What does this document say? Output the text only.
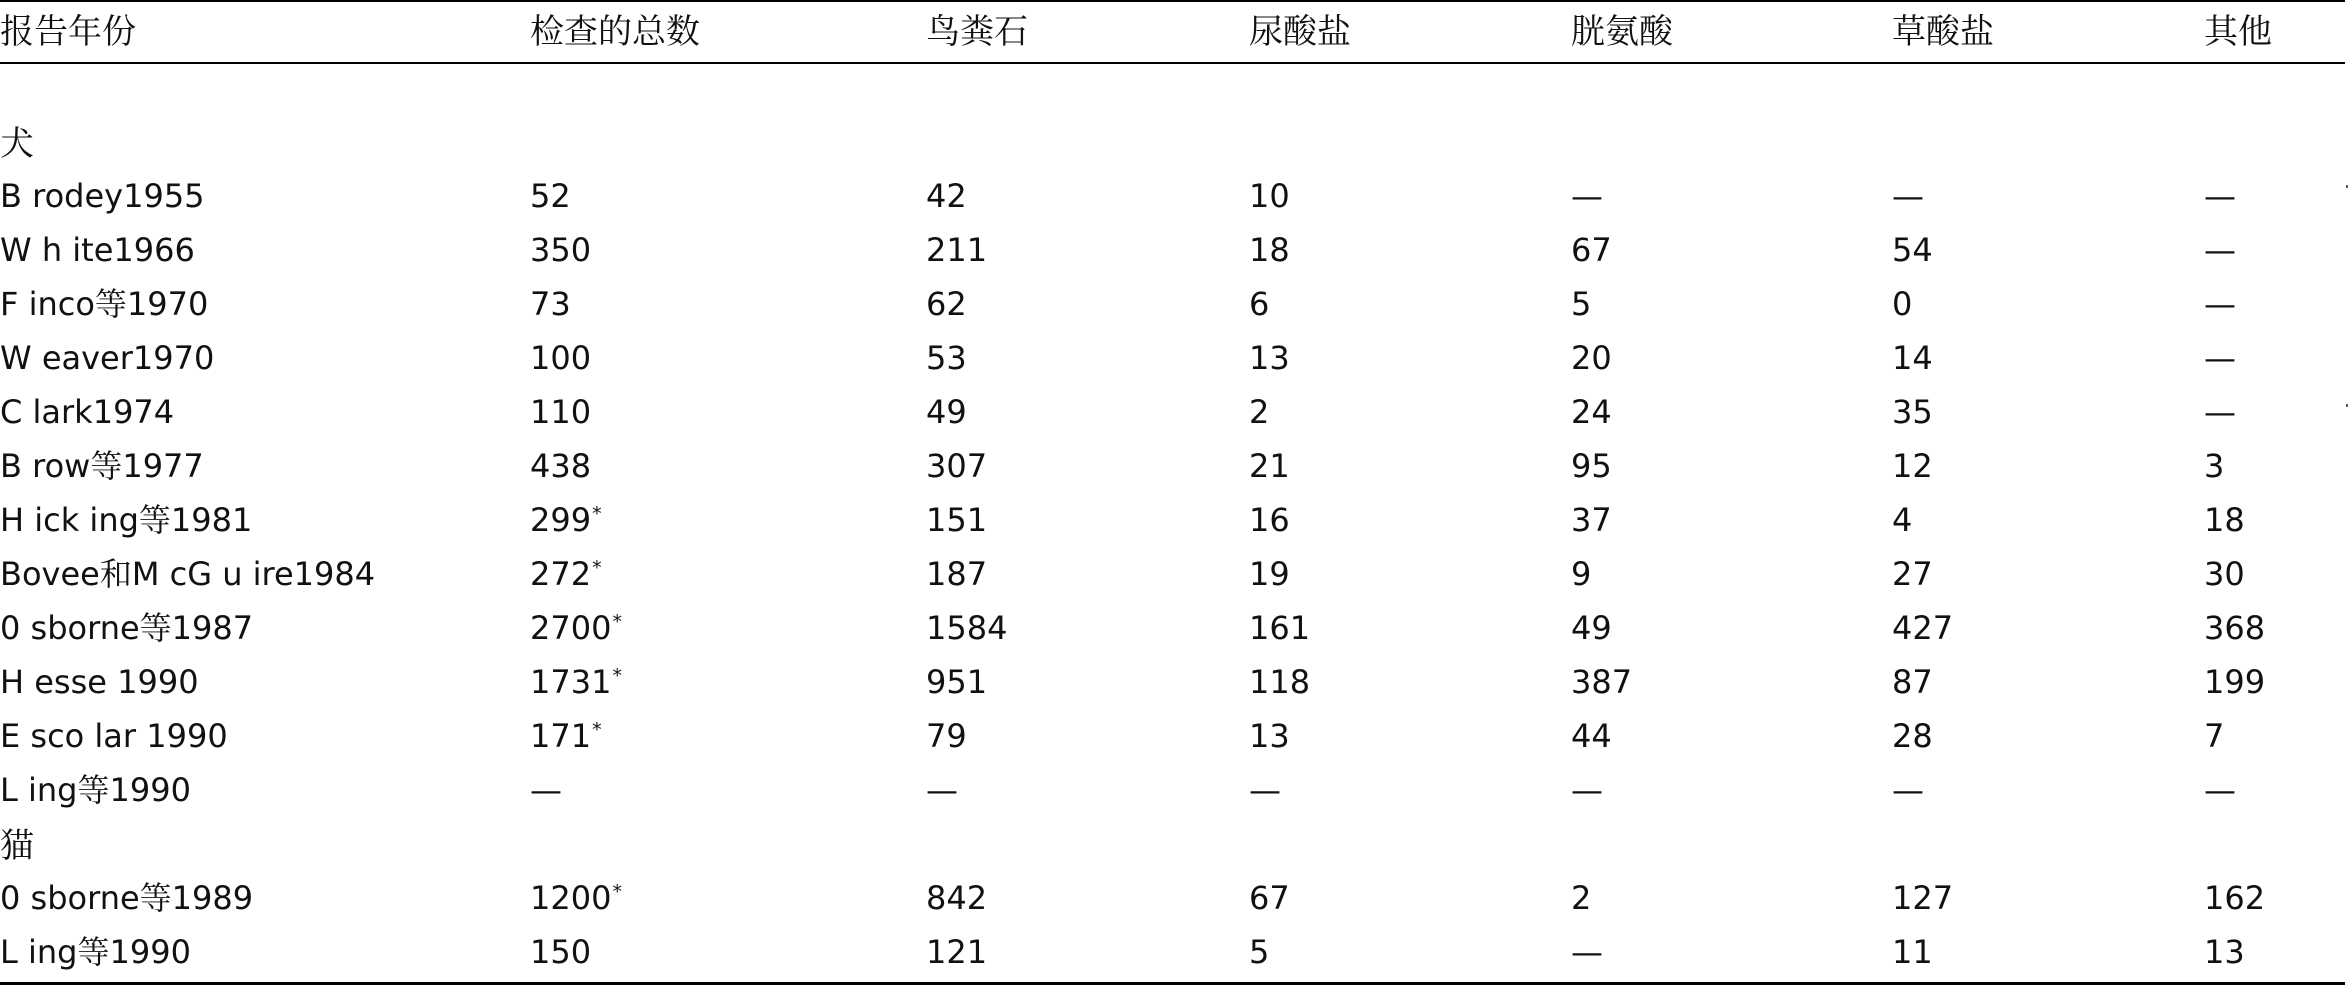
报告年份	检查的总数	鸟粪石	尿酸盐	胱氨酸	草酸盐	其他
犬
B rodey1955	52	42	10	—	—	—
W h ite1966	350	211	18	67	54	—
F inco等1970	73	62	6	5	0	—
W eaver1970	100	53	13	20	14	—
C lark1974	110	49	2	24	35	—
B row等1977	438	307	21	95	12	3
H ick ing等1981	299*	151	16	37	4	18
Bovee和M cG u ire1984	272*	187	19	9	27	30
0 sborne等1987	2700*	1584	161	49	427	368
H esse 1990	1731*	951	118	387	87	199
E sco lar 1990	171*	79	13	44	28	7
L ing等1990	—	—	—	—	—	—
猫
0 sborne等1989	1200*	842	67	2	127	162
L ing等1990	150	121	5	—	11	13
